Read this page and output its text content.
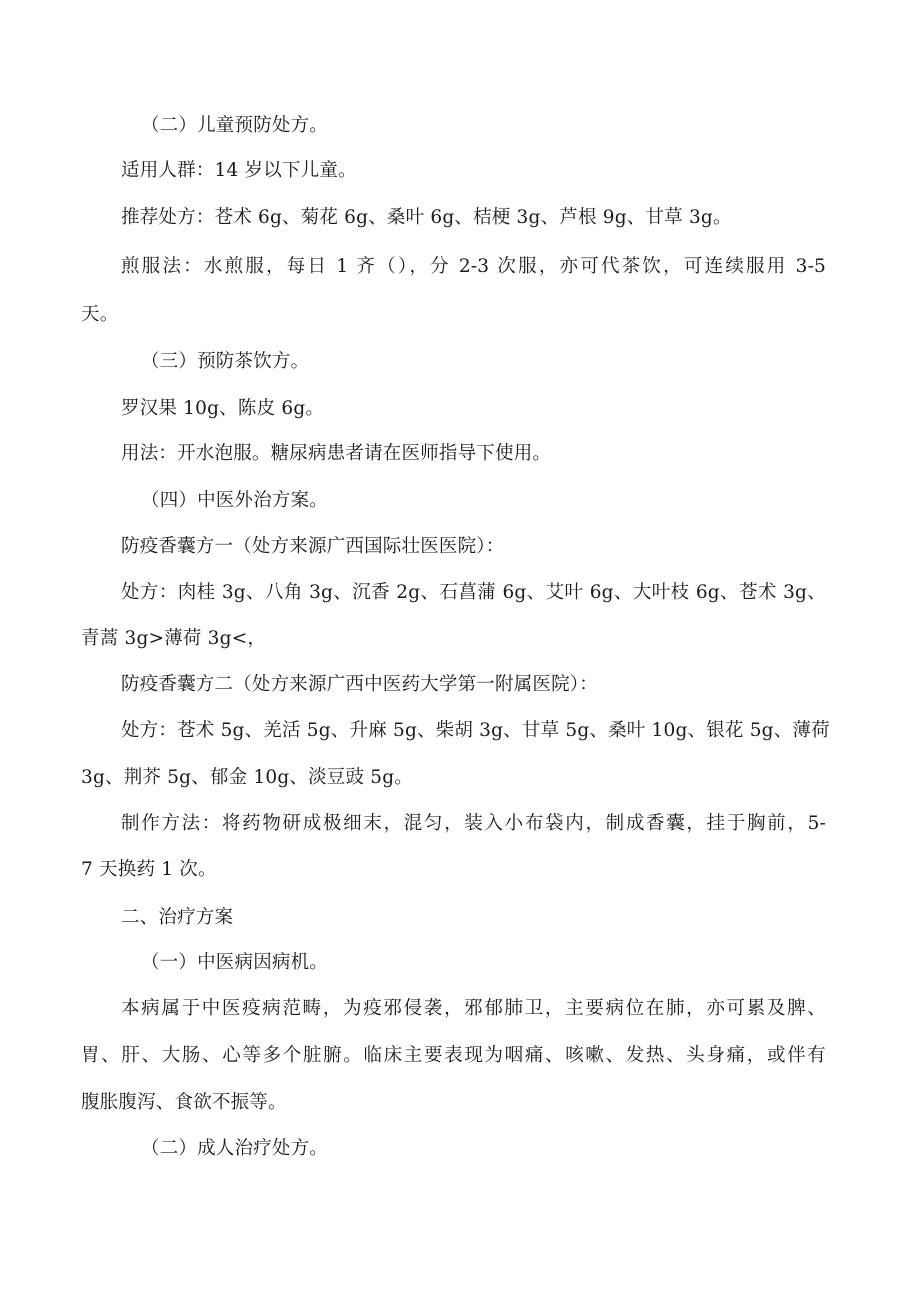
（二）儿童预防处方。
适用人群：14 岁以下儿童。
推荐处方：苍术 6g、菊花 6g、桑叶 6g、桔梗 3g、芦根 9g、甘草 3g。
煎服法：水煎服，每日 1 齐（），分 2-3 次服，亦可代茶饮，可连续服用 3-5
天。
（三）预防茶饮方。
罗汉果 10g、陈皮 6g。
用法：开水泡服。糖尿病患者请在医师指导下使用。
（四）中医外治方案。
防疫香囊方一（处方来源广西国际壮医医院）：
处方：肉桂 3g、八角 3g、沉香 2g、石菖蒲 6g、艾叶 6g、大叶枝 6g、苍术 3g、
青蒿 3g>薄荷 3g<，
防疫香囊方二（处方来源广西中医药大学第一附属医院）：
处方：苍术 5g、羌活 5g、升麻 5g、柴胡 3g、甘草 5g、桑叶 10g、银花 5g、薄荷
3g、荆芥 5g、郁金 10g、淡豆豉 5g。
制作方法：将药物研成极细末，混匀，装入小布袋内，制成香囊，挂于胸前，5-
7 天换药 1 次。
二、治疗方案
（一）中医病因病机。
本病属于中医疫病范畴，为疫邪侵袭，邪郁肺卫，主要病位在肺，亦可累及脾、
胃、肝、大肠、心等多个脏腑。临床主要表现为咽痛、咳嗽、发热、头身痛，或伴有
腹胀腹泻、食欲不振等。
（二）成人治疗处方。
